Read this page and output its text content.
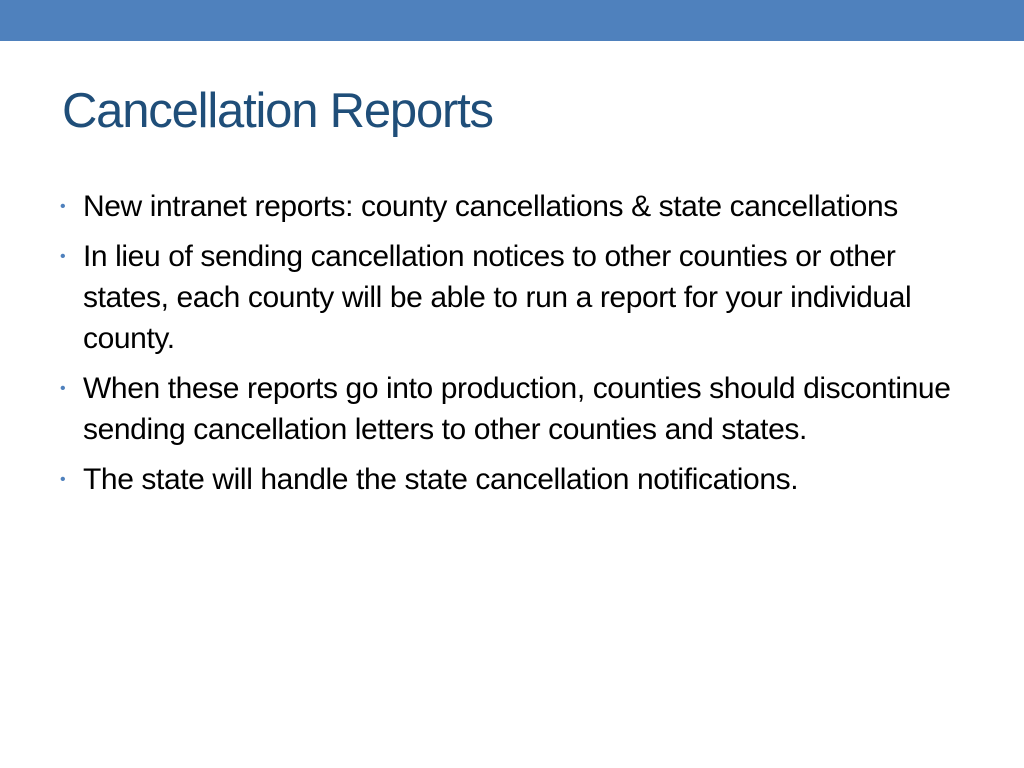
Cancellation Reports
• New intranet reports: county cancellations & state cancellations
• In lieu of sending cancellation notices to other counties or other states, each county will be able to run a report for your individual county.
• When these reports go into production, counties should discontinue sending cancellation letters to other counties and states.
• The state will handle the state cancellation notifications.
